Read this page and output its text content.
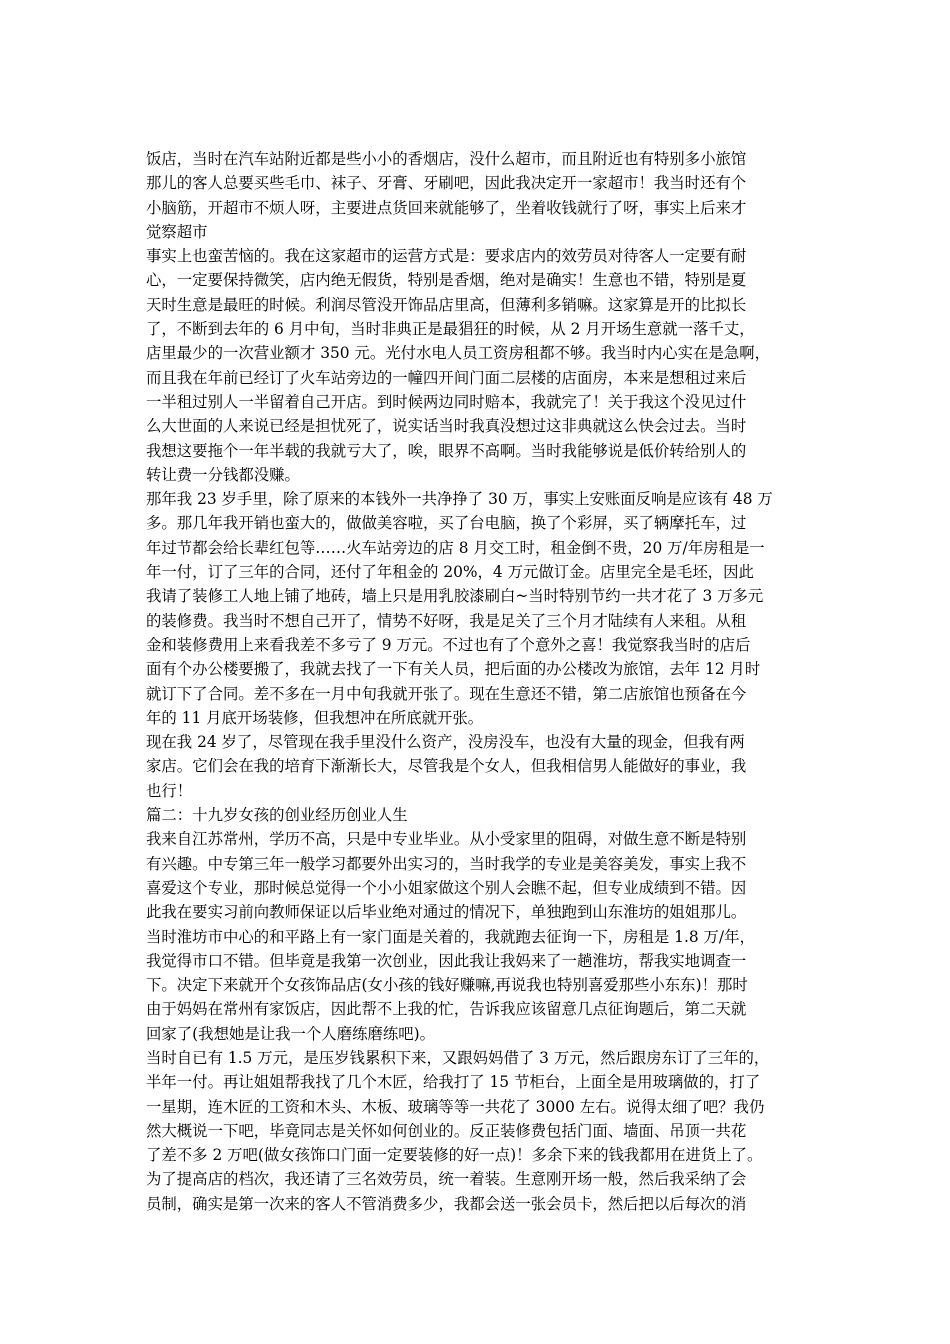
饭店，当时在汽车站附近都是些小小的香烟店，没什么超市，而且附近也有特别多小旅馆
那儿的客人总要买些毛巾、袜子、牙膏、牙刷吧，因此我决定开一家超市！我当时还有个
小脑筋，开超市不烦人呀，主要进点货回来就能够了，坐着收钱就行了呀，事实上后来才
觉察超市
事实上也蛮苦恼的。我在这家超市的运营方式是：要求店内的效劳员对待客人一定要有耐
心，一定要保持微笑，店内绝无假货，特别是香烟，绝对是确实！生意也不错，特别是夏
天时生意是最旺的时候。利润尽管没开饰品店里高，但薄利多销嘛。这家算是开的比拟长
了，不断到去年的 6 月中旬，当时非典正是最猖狂的时候，从 2 月开场生意就一落千丈，
店里最少的一次营业额才 350 元。光付水电人员工资房租都不够。我当时内心实在是急啊，
而且我在年前已经订了火车站旁边的一幢四开间门面二层楼的店面房，本来是想租过来后
一半租过别人一半留着自己开店。到时候两边同时赔本，我就完了！关于我这个没见过什
么大世面的人来说已经是担忧死了，说实话当时我真没想过这非典就这么快会过去。当时
我想这要拖个一年半载的我就亏大了，唉，眼界不高啊。当时我能够说是低价转给别人的
转让费一分钱都没赚。
那年我 23 岁手里，除了原来的本钱外一共净挣了 30 万，事实上安账面反响是应该有 48 万
多。那几年我开销也蛮大的，做做美容啦，买了台电脑，换了个彩屏，买了辆摩托车，过
年过节都会给长辈红包等……火车站旁边的店 8 月交工时，租金倒不贵，20 万/年房租是一
年一付，订了三年的合同，还付了年租金的 20%，4 万元做订金。店里完全是毛坯，因此
我请了装修工人地上铺了地砖，墙上只是用乳胶漆刷白~当时特别节约一共才花了 3 万多元
的装修费。我当时不想自己开了，情势不好呀，我是足关了三个月才陆续有人来租。从租
金和装修费用上来看我差不多亏了 9 万元。不过也有了个意外之喜！我觉察我当时的店后
面有个办公楼要搬了，我就去找了一下有关人员，把后面的办公楼改为旅馆，去年 12 月时
就订下了合同。差不多在一月中旬我就开张了。现在生意还不错，第二店旅馆也预备在今
年的 11 月底开场装修，但我想冲在所底就开张。
现在我 24 岁了，尽管现在我手里没什么资产，没房没车，也没有大量的现金，但我有两
家店。它们会在我的培育下渐渐长大，尽管我是个女人，但我相信男人能做好的事业，我
也行！
篇二：十九岁女孩的创业经历创业人生
我来自江苏常州，学历不高，只是中专业毕业。从小受家里的阻碍，对做生意不断是特别
有兴趣。中专第三年一般学习都要外出实习的，当时我学的专业是美容美发，事实上我不
喜爱这个专业，那时候总觉得一个小小姐家做这个别人会瞧不起，但专业成绩到不错。因
此我在要实习前向教师保证以后毕业绝对通过的情况下，单独跑到山东淮坊的姐姐那儿。
当时淮坊市中心的和平路上有一家门面是关着的，我就跑去征询一下，房租是 1.8 万/年，
我觉得市口不错。但毕竟是我第一次创业，因此我让我妈来了一趟淮坊，帮我实地调查一
下。决定下来就开个女孩饰品店(女小孩的钱好赚嘛,再说我也特别喜爱那些小东东)！那时
由于妈妈在常州有家饭店，因此帮不上我的忙，告诉我应该留意几点征询题后，第二天就
回家了(我想她是让我一个人磨练磨练吧)。
当时自已有 1.5 万元，是压岁钱累积下来，又跟妈妈借了 3 万元，然后跟房东订了三年的，
半年一付。再让姐姐帮我找了几个木匠，给我打了 15 节柜台，上面全是用玻璃做的，打了
一星期，连木匠的工资和木头、木板、玻璃等等一共花了 3000 左右。说得太细了吧？我仍
然大概说一下吧，毕竟同志是关怀如何创业的。反正装修费包括门面、墙面、吊顶一共花
了差不多 2 万吧(做女孩饰口门面一定要装修的好一点)！多余下来的钱我都用在进货上了。
为了提高店的档次，我还请了三名效劳员，统一着装。生意刚开场一般，然后我采纳了会
员制，确实是第一次来的客人不管消费多少，我都会送一张会员卡，然后把以后每次的消
